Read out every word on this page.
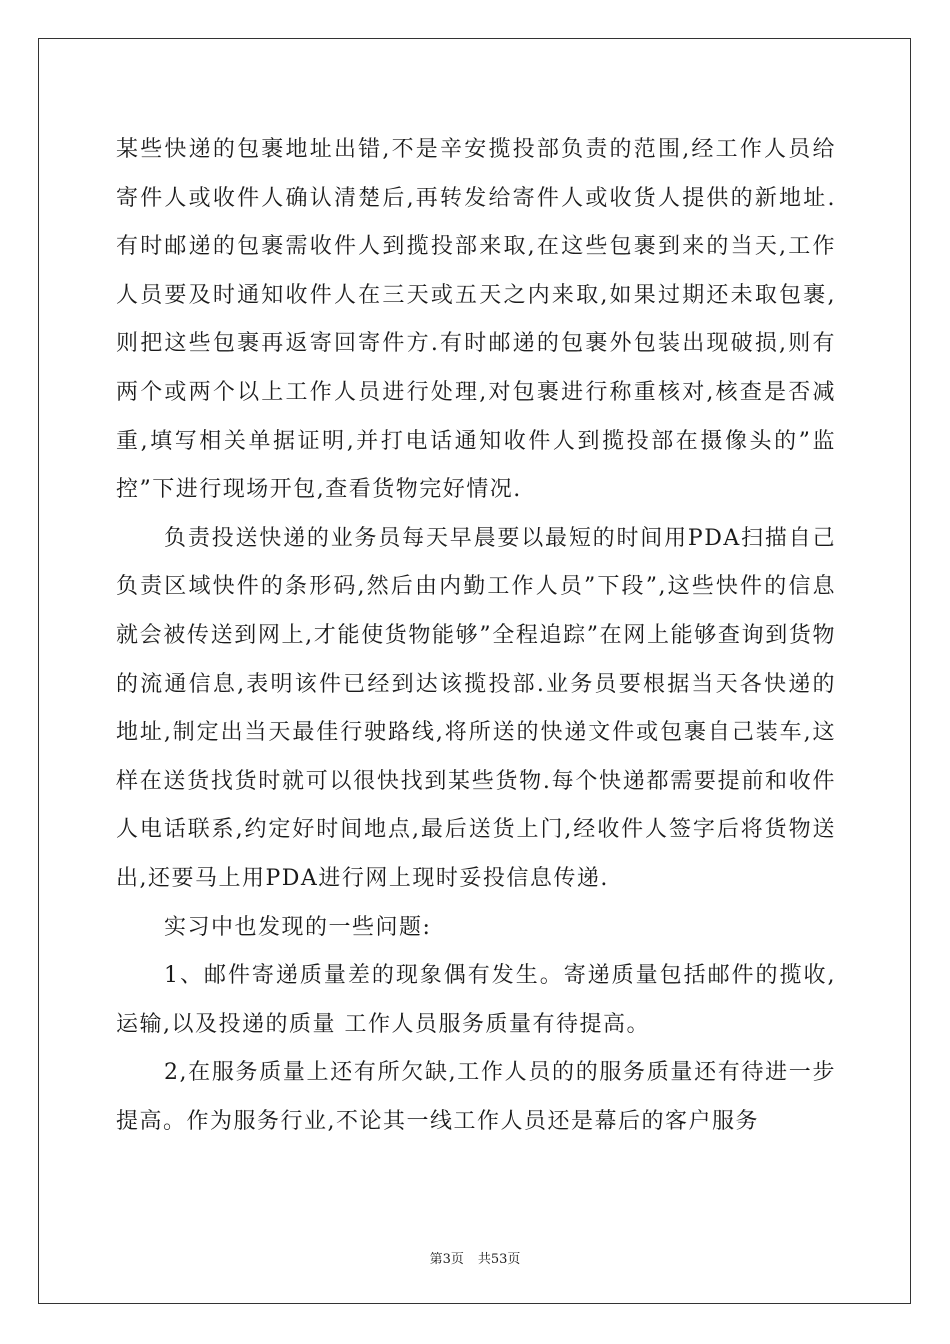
某些快递的包裹地址出错,不是辛安揽投部负责的范围,经工作人员给寄件人或收件人确认清楚后,再转发给寄件人或收货人提供的新地址.有时邮递的包裹需收件人到揽投部来取,在这些包裹到来的当天,工作人员要及时通知收件人在三天或五天之内来取,如果过期还未取包裹,则把这些包裹再返寄回寄件方.有时邮递的包裹外包装出现破损,则有两个或两个以上工作人员进行处理,对包裹进行称重核对,核查是否减重,填写相关单据证明,并打电话通知收件人到揽投部在摄像头的”监控”下进行现场开包,查看货物完好情况.

负责投送快递的业务员每天早晨要以最短的时间用PDA扫描自己负责区域快件的条形码,然后由内勤工作人员”下段”,这些快件的信息就会被传送到网上,才能使货物能够”全程追踪”在网上能够查询到货物的流通信息,表明该件已经到达该揽投部.业务员要根据当天各快递的地址,制定出当天最佳行驶路线,将所送的快递文件或包裹自己装车,这样在送货找货时就可以很快找到某些货物.每个快递都需要提前和收件人电话联系,约定好时间地点,最后送货上门,经收件人签字后将货物送出,还要马上用PDA进行网上现时妥投信息传递.

实习中也发现的一些问题:

1、邮件寄递质量差的现象偶有发生。寄递质量包括邮件的揽收,运输,以及投递的质量 工作人员服务质量有待提高。

2,在服务质量上还有所欠缺,工作人员的的服务质量还有待进一步提高。作为服务行业,不论其一线工作人员还是幕后的客户服务

第3页 共53页
